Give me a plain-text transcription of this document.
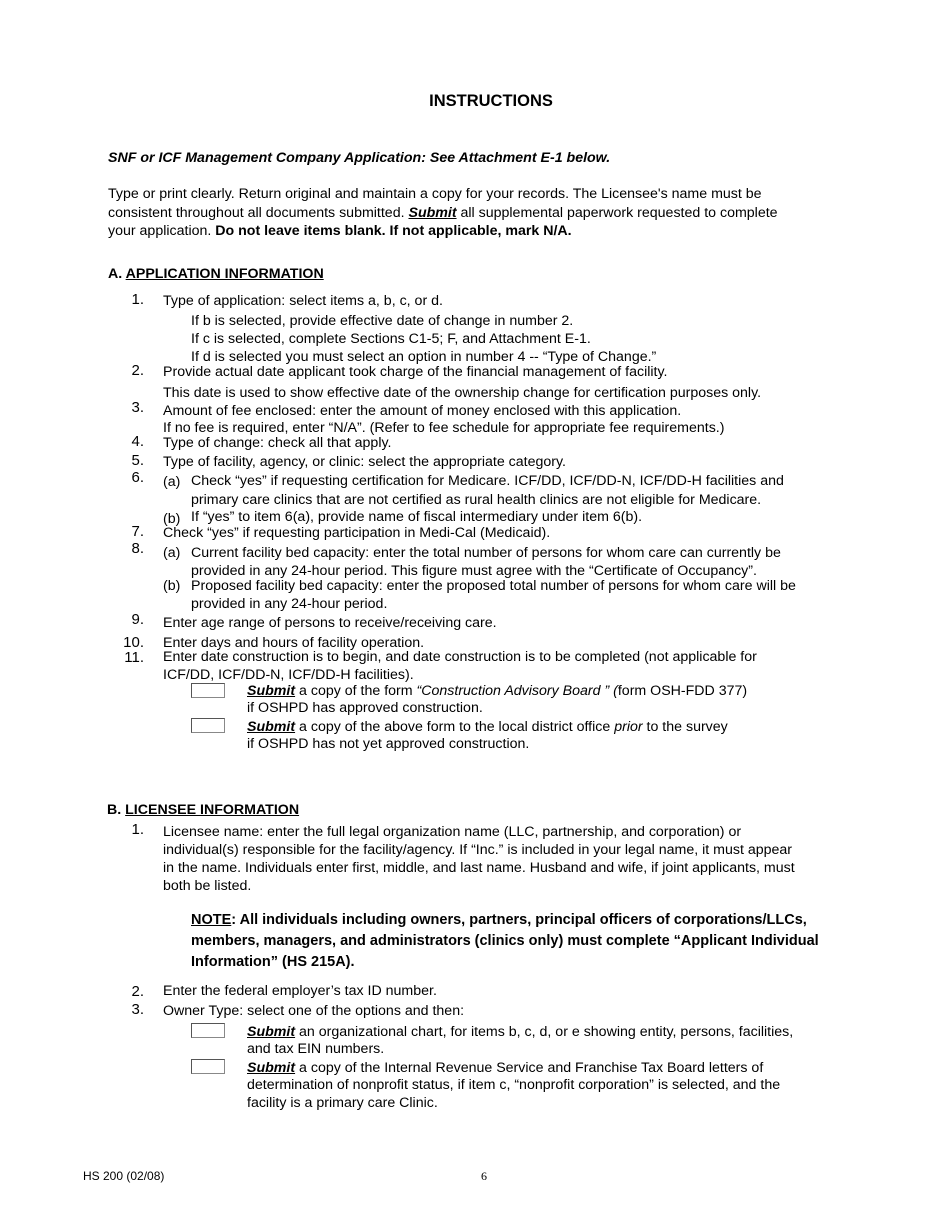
INSTRUCTIONS
SNF or ICF Management Company Application: See Attachment E-1 below.
Type or print clearly. Return original and maintain a copy for your records. The Licensee's name must be
consistent throughout all documents submitted. Submit all supplemental paperwork requested to complete
your application. Do not leave items blank. If not applicable, mark N/A.
A. APPLICATION INFORMATION
1. Type of application: select items a, b, c, or d.
If b is selected, provide effective date of change in number 2.
If c is selected, complete Sections C1-5; F, and Attachment E-1.
If d is selected you must select an option in number 4 -- “Type of Change.”
2. Provide actual date applicant took charge of the financial management of facility.
This date is used to show effective date of the ownership change for certification purposes only.
3. Amount of fee enclosed: enter the amount of money enclosed with this application.
If no fee is required, enter “N/A”. (Refer to fee schedule for appropriate fee requirements.)
4. Type of change: check all that apply.
5. Type of facility, agency, or clinic: select the appropriate category.
6. (a) Check “yes” if requesting certification for Medicare. ICF/DD, ICF/DD-N, ICF/DD-H facilities and
primary care clinics that are not certified as rural health clinics are not eligible for Medicare.
(b) If “yes” to item 6(a), provide name of fiscal intermediary under item 6(b).
7. Check “yes” if requesting participation in Medi-Cal (Medicaid).
8. (a) Current facility bed capacity: enter the total number of persons for whom care can currently be
provided in any 24-hour period. This figure must agree with the “Certificate of Occupancy”.
(b) Proposed facility bed capacity: enter the proposed total number of persons for whom care will be
provided in any 24-hour period.
9. Enter age range of persons to receive/receiving care.
10. Enter days and hours of facility operation.
11. Enter date construction is to begin, and date construction is to be completed (not applicable for
ICF/DD, ICF/DD-N, ICF/DD-H facilities).
Submit a copy of the form “Construction Advisory Board ” (form OSH-FDD 377)
if OSHPD has approved construction.
Submit a copy of the above form to the local district office prior to the survey
if OSHPD has not yet approved construction.
B. LICENSEE INFORMATION
1. Licensee name: enter the full legal organization name (LLC, partnership, and corporation) or
individual(s) responsible for the facility/agency. If “Inc.” is included in your legal name, it must appear
in the name. Individuals enter first, middle, and last name. Husband and wife, if joint applicants, must
both be listed.
NOTE: All individuals including owners, partners, principal officers of corporations/LLCs,
members, managers, and administrators (clinics only) must complete “Applicant Individual
Information” (HS 215A).
2. Enter the federal employer’s tax ID number.
3. Owner Type: select one of the options and then:
Submit an organizational chart, for items b, c, d, or e showing entity, persons, facilities,
and tax EIN numbers.
Submit a copy of the Internal Revenue Service and Franchise Tax Board letters of
determination of nonprofit status, if item c, “nonprofit corporation” is selected, and the
facility is a primary care Clinic.
HS 200 (02/08)	6
